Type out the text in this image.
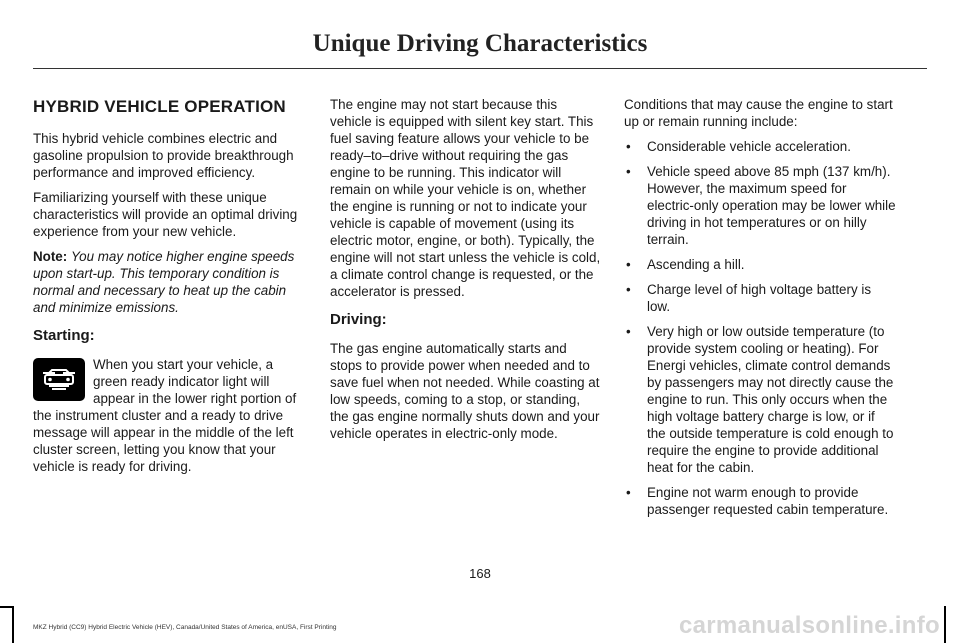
Unique Driving Characteristics
HYBRID VEHICLE OPERATION

This hybrid vehicle combines electric and gasoline propulsion to provide breakthrough performance and improved efficiency.

Familiarizing yourself with these unique characteristics will provide an optimal driving experience from your new vehicle.

Note: You may notice higher engine speeds upon start-up. This temporary condition is normal and necessary to heat up the cabin and minimize emissions.

Starting:

When you start your vehicle, a green ready indicator light will appear in the lower right portion of the instrument cluster and a ready to drive message will appear in the middle of the left cluster screen, letting you know that your vehicle is ready for driving.

The engine may not start because this vehicle is equipped with silent key start. This fuel saving feature allows your vehicle to be ready–to–drive without requiring the gas engine to be running. This indicator will remain on while your vehicle is on, whether the engine is running or not to indicate your vehicle is capable of movement (using its electric motor, engine, or both). Typically, the engine will not start unless the vehicle is cold, a climate control change is requested, or the accelerator is pressed.

Driving:

The gas engine automatically starts and stops to provide power when needed and to save fuel when not needed. While coasting at low speeds, coming to a stop, or standing, the gas engine normally shuts down and your vehicle operates in electric-only mode.

Conditions that may cause the engine to start up or remain running include:

• Considerable vehicle acceleration.
• Vehicle speed above 85 mph (137 km/h). However, the maximum speed for electric-only operation may be lower while driving in hot temperatures or on hilly terrain.
• Ascending a hill.
• Charge level of high voltage battery is low.
• Very high or low outside temperature (to provide system cooling or heating). For Energi vehicles, climate control demands by passengers may not directly cause the engine to run. This only occurs when the high voltage battery charge is low, or if the outside temperature is cold enough to require the engine to provide additional heat for the cabin.
• Engine not warm enough to provide passenger requested cabin temperature.
168
MKZ Hybrid (CC9) Hybrid Electric Vehicle (HEV), Canada/United States of America, enUSA, First Printing	carmanualsonline.info
